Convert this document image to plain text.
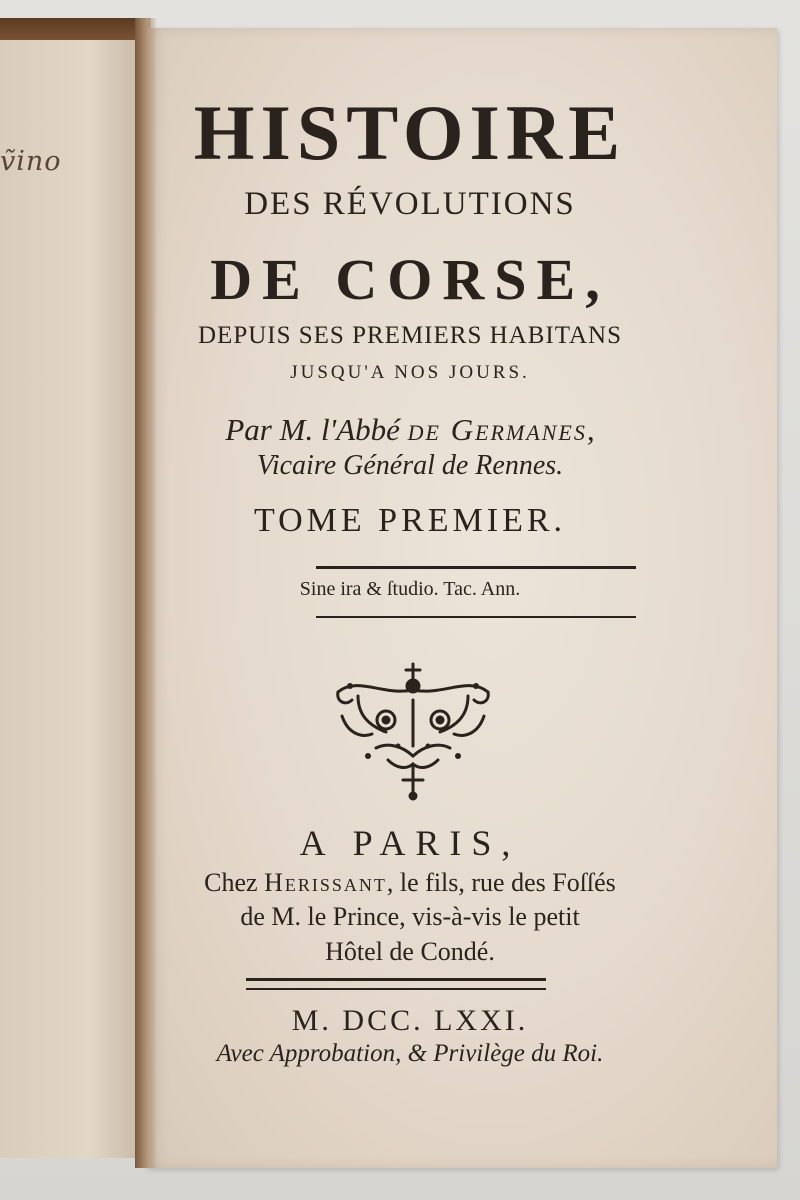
ṽino	HISTOIRE
DES RÉVOLUTIONS
DE CORSE,
DEPUIS SES PREMIERS HABITANS
JUSQU'A NOS JOURS.
Par M. l'Abbé de Germanes,
Vicaire Général de Rennes.
TOME PREMIER.
Sine ira & ſtudio. Tac. Ann.
A PARIS,
Chez Herissant, le fils, rue des Foſſés
de M. le Prince, vis-à-vis le petit
Hôtel de Condé.
M. DCC. LXXI.
Avec Approbation, & Privilège du Roi.
